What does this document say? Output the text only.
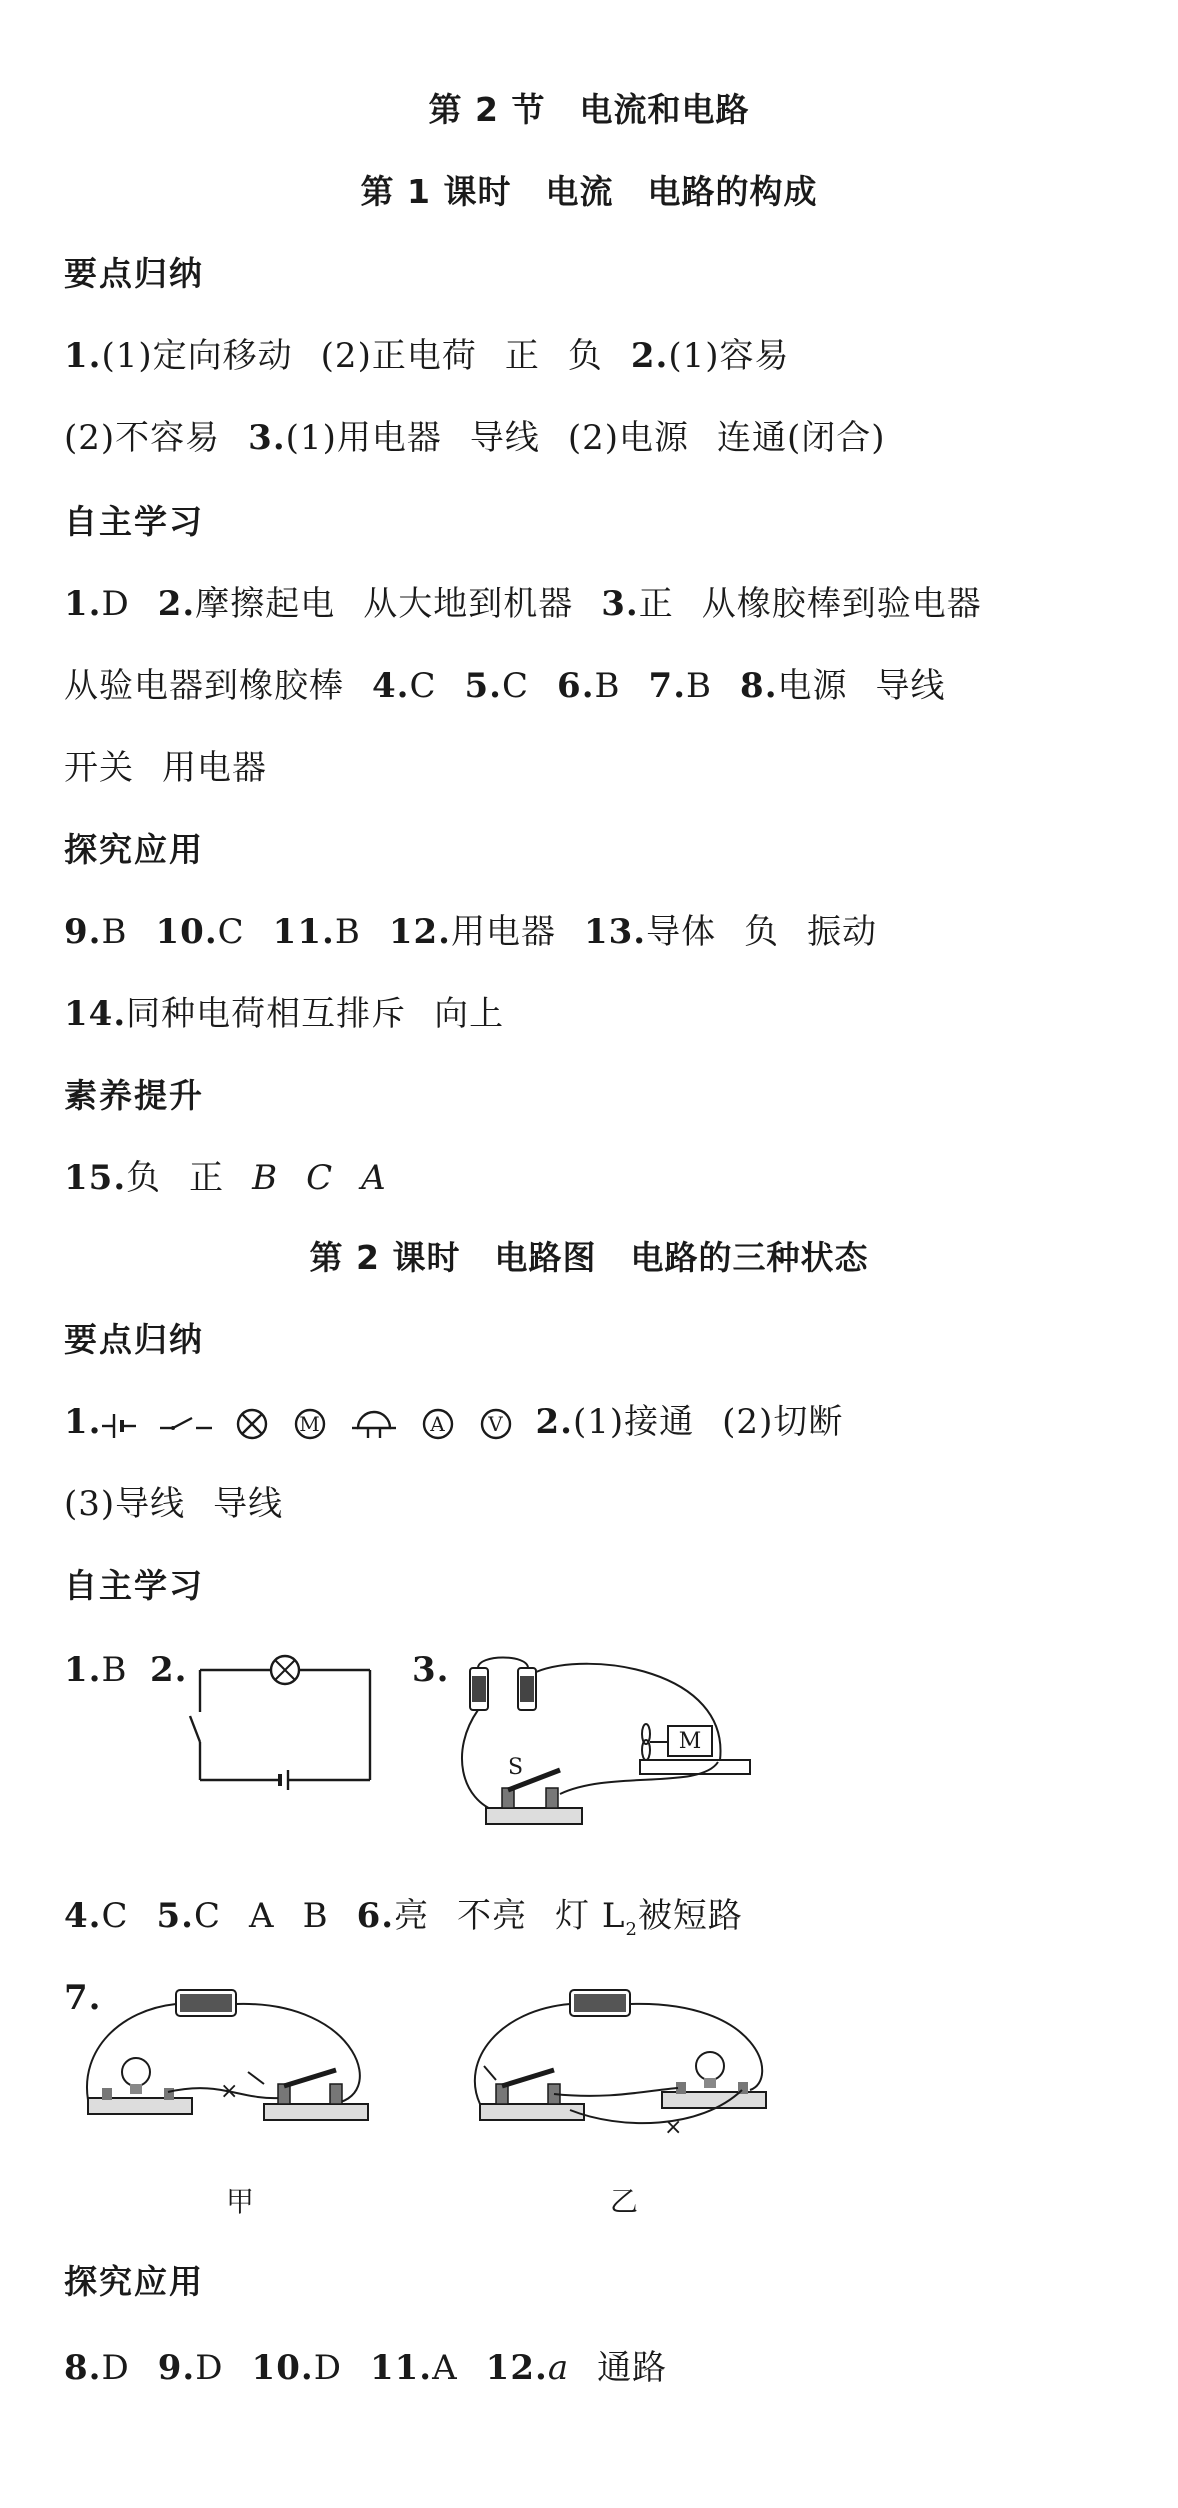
第 2 节　电流和电路
第 1 课时　电流　电路的构成
要点归纳
1.(1)定向移动 (2)正电荷 正 负 2.(1)容易
(2)不容易 3.(1)用电器 导线 (2)电源 连通(闭合)
自主学习
1.D 2.摩擦起电 从大地到机器 3.正 从橡胶棒到验电器
从验电器到橡胶棒 4.C 5.C 6.B 7.B 8.电源 导线
开关 用电器
探究应用
9.B 10.C 11.B 12.用电器 13.导体 负 振动
14.同种电荷相互排斥 向上
素养提升
15.负 正 B C A
第 2 课时　电路图　电路的三种状态
要点归纳
1.	M	A V 2.(1)接通 (2)切断
(3)导线 导线
自主学习
1.B 2.	3.
M
S
4.C 5.C A B 6.亮 不亮 灯 $L_2$被短路
7.
×
甲
×
乙
探究应用
8.D 9.D 10.D 11.A 12.a 通路
